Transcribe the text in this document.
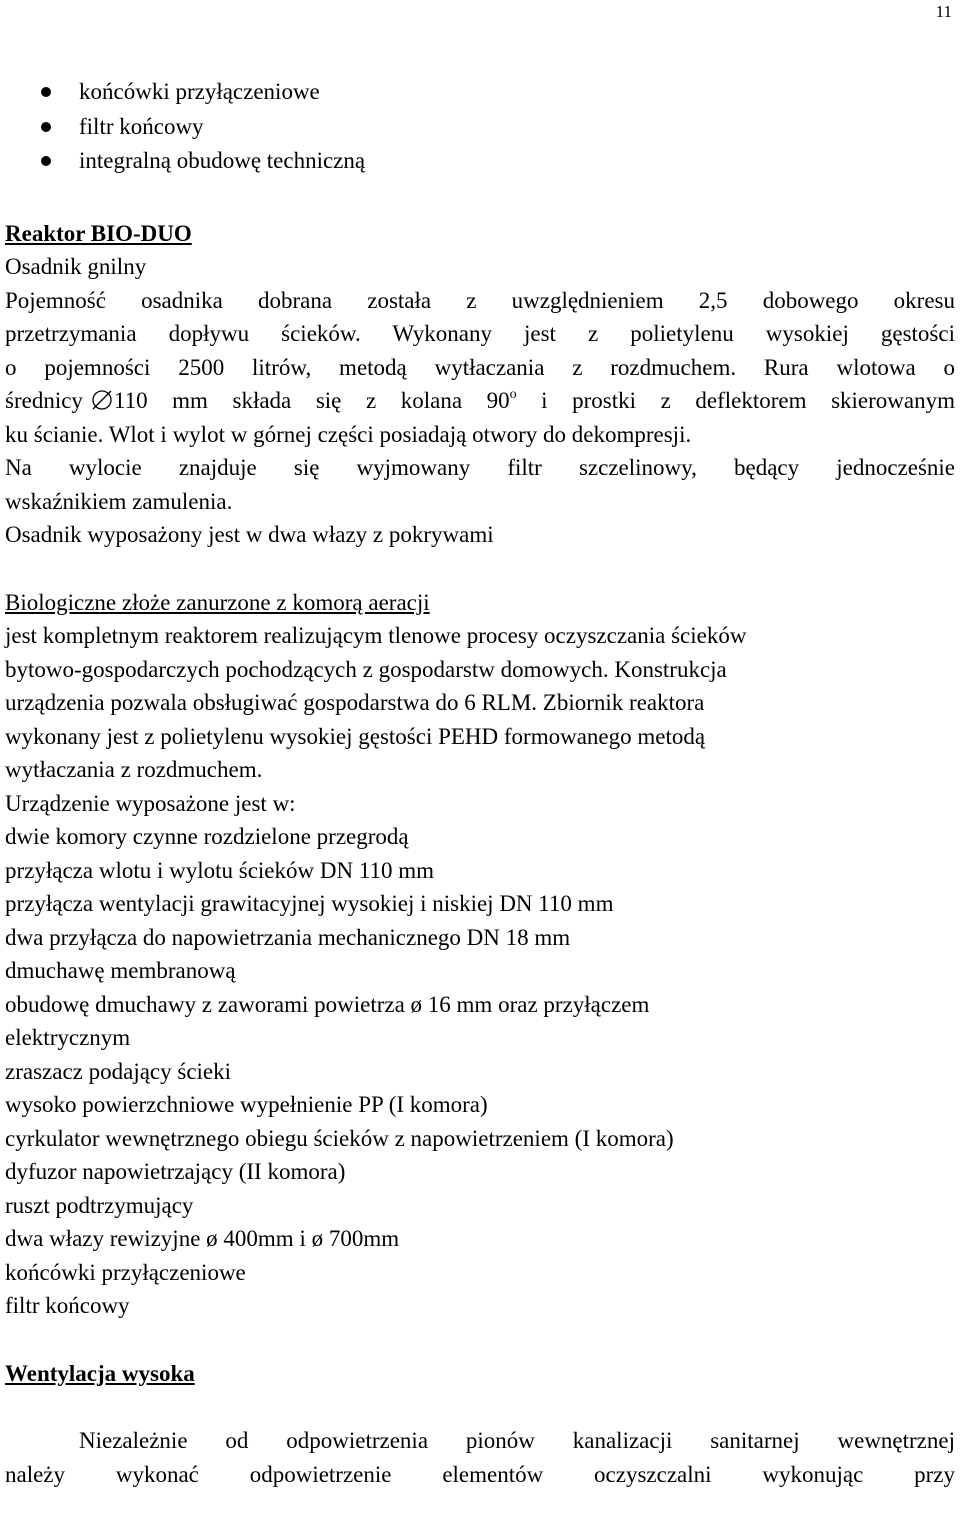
11
końcówki przyłączeniowe
filtr końcowy
integralną obudowę techniczną
Reaktor BIO-DUO
Osadnik gnilny
Pojemność osadnika dobrana została z uwzględnieniem 2,5 dobowego okresu
przetrzymania dopływu ścieków. Wykonany jest z polietylenu wysokiej gęstości
o pojemności 2500 litrów, metodą wytłaczania z rozdmuchem. Rura wlotowa o
średnicy 110 mm składa się z kolana 90$^o$ i prostki z deflektorem skierowanym
ku ścianie. Wlot i wylot w górnej części posiadają otwory do dekompresji.
Na wylocie znajduje się wyjmowany filtr szczelinowy, będący jednocześnie
wskaźnikiem zamulenia.
Osadnik wyposażony jest w dwa włazy z pokrywami
Biologiczne złoże zanurzone z komorą aeracji
jest kompletnym reaktorem realizującym tlenowe procesy oczyszczania ścieków
bytowo-gospodarczych pochodzących z gospodarstw domowych. Konstrukcja
urządzenia pozwala obsługiwać gospodarstwa do 6 RLM. Zbiornik reaktora
wykonany jest z polietylenu wysokiej gęstości PEHD formowanego metodą
wytłaczania z rozdmuchem.
Urządzenie wyposażone jest w:
dwie komory czynne rozdzielone przegrodą
przyłącza wlotu i wylotu ścieków DN 110 mm
przyłącza wentylacji grawitacyjnej wysokiej i niskiej DN 110 mm
dwa przyłącza do napowietrzania mechanicznego DN 18 mm
dmuchawę membranową
obudowę dmuchawy z zaworami powietrza ø 16 mm oraz przyłączem
elektrycznym
zraszacz podający ścieki
wysoko powierzchniowe wypełnienie PP (I komora)
cyrkulator wewnętrznego obiegu ścieków z napowietrzeniem (I komora)
dyfuzor napowietrzający (II komora)
ruszt podtrzymujący
dwa włazy rewizyjne ø 400mm i ø 700mm
końcówki przyłączeniowe
filtr końcowy
Wentylacja wysoka
Niezależnie od odpowietrzenia pionów kanalizacji sanitarnej wewnętrznej
należy wykonać odpowietrzenie elementów oczyszczalni wykonując przy
